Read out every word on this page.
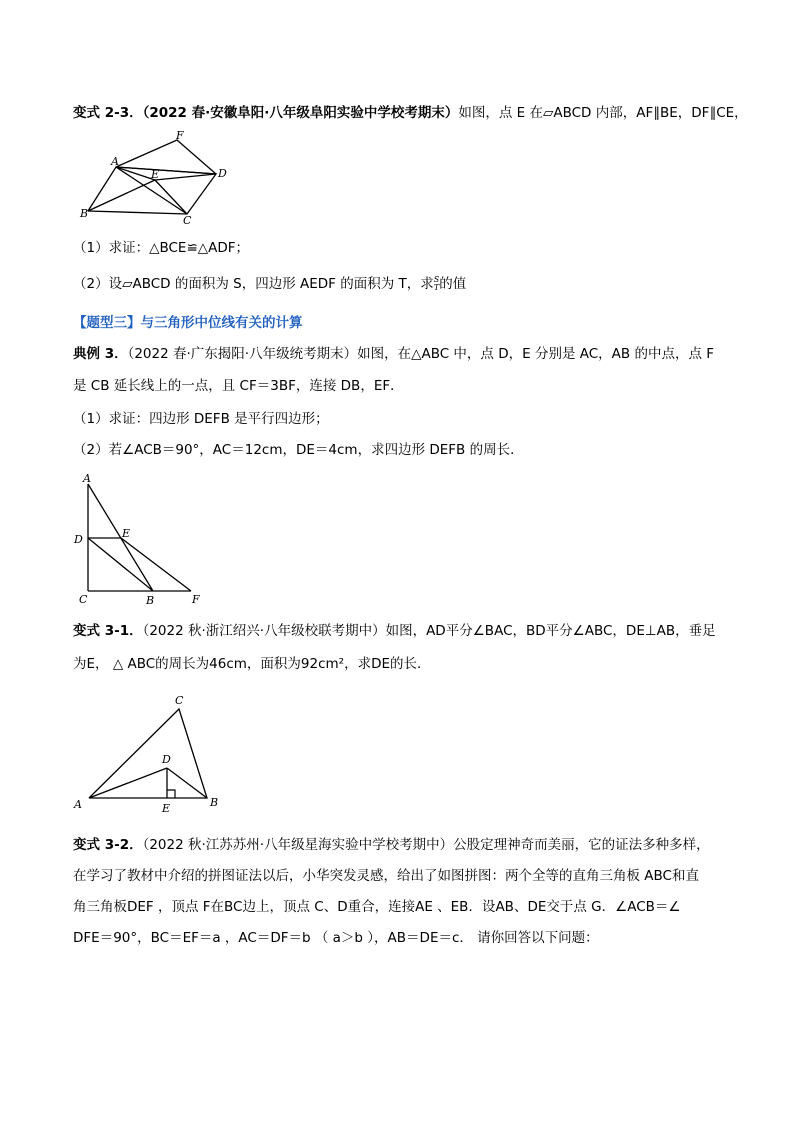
变式 2-3．（2022 春·安徽阜阳·八年级阜阳实验中学校考期末）如图，点 E 在▱ABCD 内部，AF∥BE，DF∥CE，
A
B
C
D
E
F
（1）求证：△BCE≌△ADF；
（2）设▱ABCD 的面积为 S，四边形 AEDF 的面积为 T，求 S
T 的值
【题型三】与三角形中位线有关的计算
典例 3．（2022 春·广东揭阳·八年级统考期末）如图，在△ABC 中，点 D，E 分别是 AC，AB 的中点，点 F
是 CB 延长线上的一点，且 CF＝3BF，连接 DB，EF．
（1）求证：四边形 DEFB 是平行四边形；
（2）若∠ACB＝90°，AC＝12cm，DE＝4cm，求四边形 DEFB 的周长．
A
D	E
C	B	F
变式 3-1．（2022 秋·浙江绍兴·八年级校联考期中）如图，AD平分∠BAC，BD平分∠ABC，DE⊥AB，垂足
为E， △ ABC的周长为46cm，面积为92cm²，求DE的长．
C
D
A	E	B
变式 3-2．（2022 秋·江苏苏州·八年级星海实验中学校考期中）公股定理神奇而美丽，它的证法多种多样，
在学习了教材中介绍的拼图证法以后，小华突发灵感，给出了如图拼图：两个全等的直角三角板 ABC和直
角三角板DEF ，顶点 F在BC边上，顶点 C、D重合，连接AE 、EB．设AB、DE交于点 G．∠ACB＝∠
DFE＝90°，BC＝EF＝a ，AC＝DF＝b （ a＞b ），AB＝DE＝c． 请你回答以下问题：
